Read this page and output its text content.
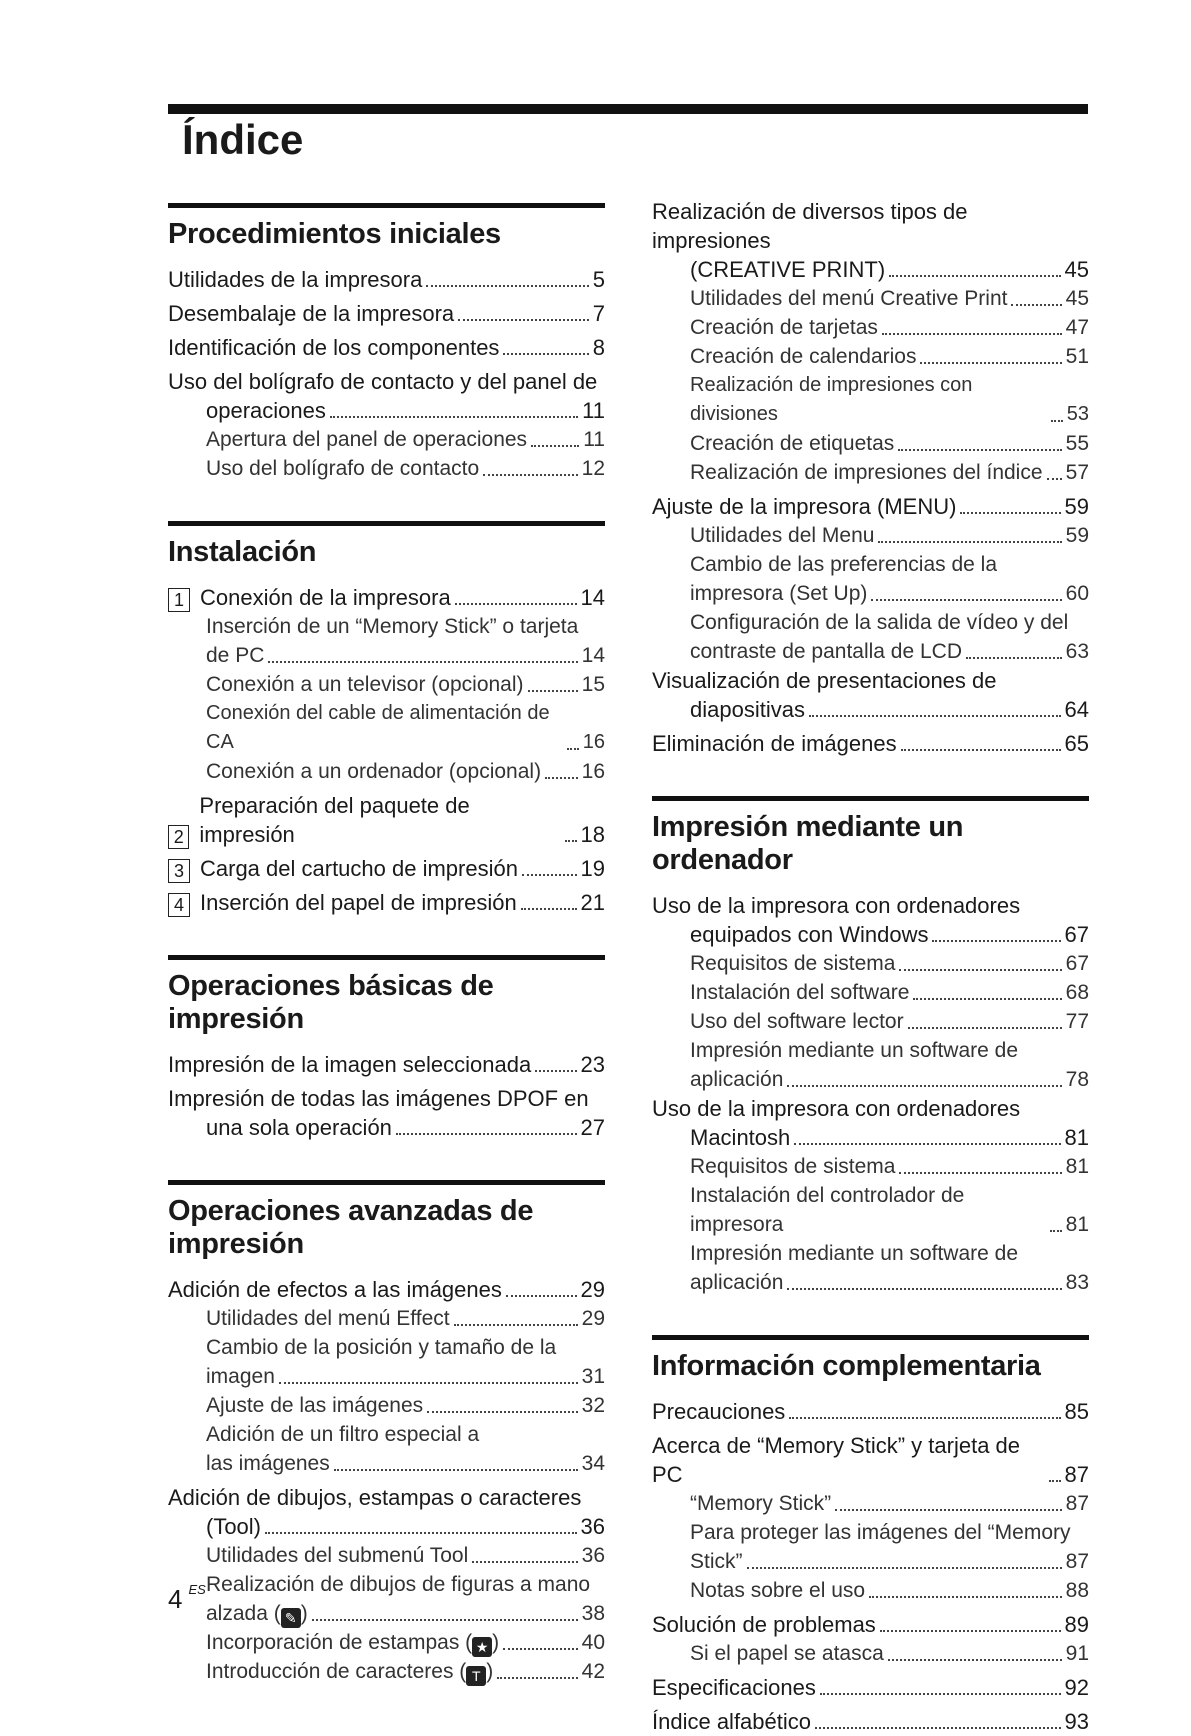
Índice
Procedimientos iniciales
Utilidades de la impresora	5
Desembalaje de la impresora	7
Identificación de los componentes	8
Uso del bolígrafo de contacto y del panel de
operaciones	11
Apertura del panel de operaciones	11
Uso del bolígrafo de contacto	12
Instalación
1 Conexión de la impresora	14
Inserción de un “Memory Stick” o tarjeta
de PC	14
Conexión a un televisor (opcional)	15
Conexión del cable de alimentación de CA	16
Conexión a un ordenador (opcional) 16
2
Preparación del paquete de impresión	18
3 Carga del cartucho de impresión	19
4 Inserción del papel de impresión	21
Operaciones básicas de impresión
Impresión de la imagen seleccionada 23
Impresión de todas las imágenes DPOF en
una sola operación	27
Operaciones avanzadas de impresión
Adición de efectos a las imágenes	29
Utilidades del menú Effect	29
Cambio de la posición y tamaño de la
imagen	31
Ajuste de las imágenes	32
Adición de un filtro especial a
las imágenes	34
Adición de dibujos, estampas o caracteres
(Tool)	36
Utilidades del submenú Tool	36
Realización de dibujos de figuras a mano
alzada ( ✎ )	38
Incorporación de estampas ( ★ )	40
Introducción de caracteres ( T )	42
Realización de diversos tipos de impresiones
(CREATIVE PRINT)	45
Utilidades del menú Creative Print	45
Creación de tarjetas	47
Creación de calendarios	51
Realización de impresiones con divisiones	53
Creación de etiquetas	55
Realización de impresiones del índice 57
Ajuste de la impresora (MENU)	59
Utilidades del Menu	59
Cambio de las preferencias de la
impresora (Set Up)	60
Configuración de la salida de vídeo y del
contraste de pantalla de LCD	63
Visualización de presentaciones de
diapositivas	64
Eliminación de imágenes	65
Impresión mediante un ordenador
Uso de la impresora con ordenadores
equipados con Windows	67
Requisitos de sistema	67
Instalación del software	68
Uso del software lector	77
Impresión mediante un software de
aplicación	78
Uso de la impresora con ordenadores
Macintosh	81
Requisitos de sistema	81
Instalación del controlador de impresora	81
Impresión mediante un software de
aplicación	83
Información complementaria
Precauciones	85
Acerca de “Memory Stick” y tarjeta de PC	87
“Memory Stick”	87
Para proteger las imágenes del “Memory
Stick”	87
Notas sobre el uso	88
Solución de problemas	89
Si el papel se atasca	91
Especificaciones	92
Índice alfabético	93
4 $^{ES}$
